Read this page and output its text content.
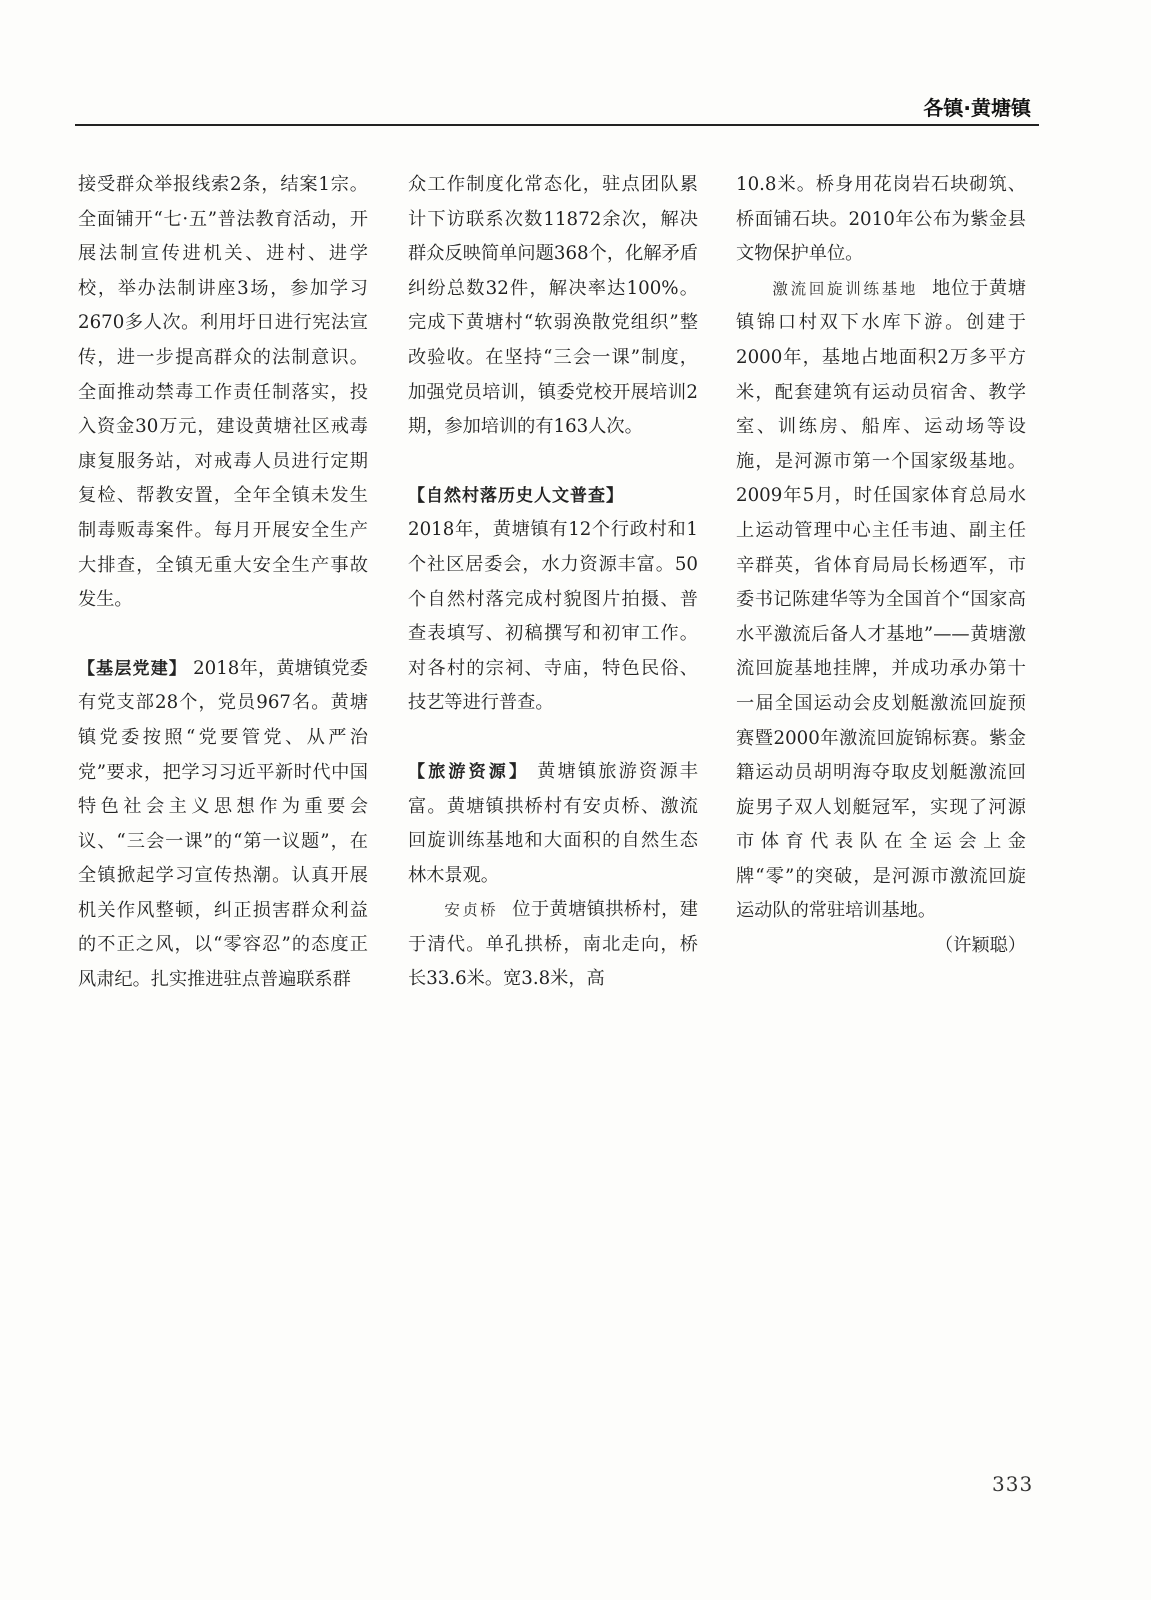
各镇·黄塘镇

接受群众举报线索2条，结案1宗。全面铺开“七·五”普法教育活动，开展法制宣传进机关、进村、进学校，举办法制讲座3场，参加学习2670多人次。利用圩日进行宪法宣传，进一步提高群众的法制意识。全面推动禁毒工作责任制落实，投入资金30万元，建设黄塘社区戒毒康复服务站，对戒毒人员进行定期复检、帮教安置，全年全镇未发生制毒贩毒案件。每月开展安全生产大排查，全镇无重大安全生产事故发生。

【基层党建】 2018年，黄塘镇党委有党支部28个，党员967名。黄塘镇党委按照“党要管党、从严治党”要求，把学习习近平新时代中国特色社会主义思想作为重要会议、“三会一课”的“第一议题”，在全镇掀起学习宣传热潮。认真开展机关作风整顿，纠正损害群众利益的不正之风，以“零容忍”的态度正风肃纪。扎实推进驻点普遍联系群

众工作制度化常态化，驻点团队累计下访联系次数11872余次，解决群众反映简单问题368个，化解矛盾纠纷总数32件，解决率达100%。完成下黄塘村“软弱涣散党组织”整改验收。在坚持“三会一课”制度，加强党员培训，镇委党校开展培训2期，参加培训的有163人次。

【自然村落历史人文普查】
2018年，黄塘镇有12个行政村和1个社区居委会，水力资源丰富。50个自然村落完成村貌图片拍摄、普查表填写、初稿撰写和初审工作。对各村的宗祠、寺庙，特色民俗、技艺等进行普查。

【旅游资源】 黄塘镇旅游资源丰富。黄塘镇拱桥村有安贞桥、激流回旋训练基地和大面积的自然生态林木景观。

安贞桥 位于黄塘镇拱桥村，建于清代。单孔拱桥，南北走向，桥长33.6米。宽3.8米，高

10.8米。桥身用花岗岩石块砌筑、桥面铺石块。2010年公布为紫金县文物保护单位。

激流回旋训练基地 地位于黄塘镇锦口村双下水库下游。创建于2000年，基地占地面积2万多平方米，配套建筑有运动员宿舍、教学室、训练房、船库、运动场等设施，是河源市第一个国家级基地。2009年5月，时任国家体育总局水上运动管理中心主任韦迪、副主任辛群英，省体育局局长杨迺军，市委书记陈建华等为全国首个“国家高水平激流后备人才基地”——黄塘激流回旋基地挂牌，并成功承办第十一届全国运动会皮划艇激流回旋预赛暨2000年激流回旋锦标赛。紫金籍运动员胡明海夺取皮划艇激流回旋男子双人划艇冠军，实现了河源市体育代表队在全运会上金牌“零”的突破，是河源市激流回旋运动队的常驻培训基地。

（许颖聪）

333
